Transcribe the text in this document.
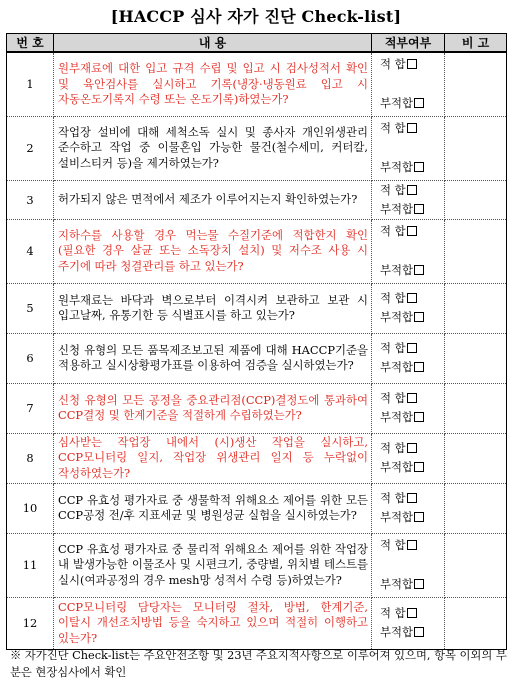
[HACCP 심사 자가 진단 Check-list]
번 호	내 용	적부여부	비 고
1	원부재료에 대한 입고 규격 수립 및 입고 시 검사성적서 확인 및 육안검사를 실시하고 기록(냉장·냉동원료 입고 시 자동온도기록지 수령 또는 온도기록)하였는가?	적 합
부적합	

2	작업장 설비에 대해 세척소독 실시 및 종사자 개인위생관리 준수하고 작업 중 이물혼입 가능한 물건(철수세미, 커터칼, 설비스티커 등)을 제거하였는가?	적 합
부적합	

3	허가되지 않은 면적에서 제조가 이루어지는지 확인하였는가?	적 합
부적합	

4	지하수를 사용할 경우 먹는물 수질기준에 적합한지 확인(필요한 경우 살균 또는 소독장치 설치) 및 저수조 사용 시 주기에 따라 청결관리를 하고 있는가?	적 합
부적합	

5	원부재료는 바닥과 벽으로부터 이격시켜 보관하고 보관 시 입고날짜, 유통기한 등 식별표시를 하고 있는가?	적 합
부적합	

6	신청 유형의 모든 품목제조보고된 제품에 대해 HACCP기준을 적용하고 실시상황평가표를 이용하여 검증을 실시하였는가?	적 합
부적합	

7	신청 유형의 모든 공정을 중요관리점(CCP)결정도에 통과하여 CCP결정 및 한계기준을 적절하게 수립하였는가?	적 합
부적합	

8	심사받는 작업장 내에서 (시)생산 작업을 실시하고, CCP모니터링 일지, 작업장 위생관리 일지 등 누락없이 작성하였는가?	적 합
부적합	

10	CCP 유효성 평가자료 중 생물학적 위해요소 제어를 위한 모든 CCP공정 전/후 지표세균 및 병원성균 실험을 실시하였는가?	적 합
부적합	

11	CCP 유효성 평가자료 중 물리적 위해요소 제어를 위한 작업장 내 발생가능한 이물조사 및 시편크기, 중량별, 위치별 테스트를 실시(여과공정의 경우 mesh망 성적서 수령 등)하였는가?	적 합
부적합	

12	CCP모니터링 담당자는 모니터링 절차, 방법, 한계기준, 이탈시 개선조치방법 등을 숙지하고 있으며 적절히 이행하고 있는가?	적 합
부적합	

※ 자가진단 Check-list는 주요안전조항 및 23년 주요지적사항으로 이루어져 있으며, 항목 이외의 부분은 현장심사에서 확인
